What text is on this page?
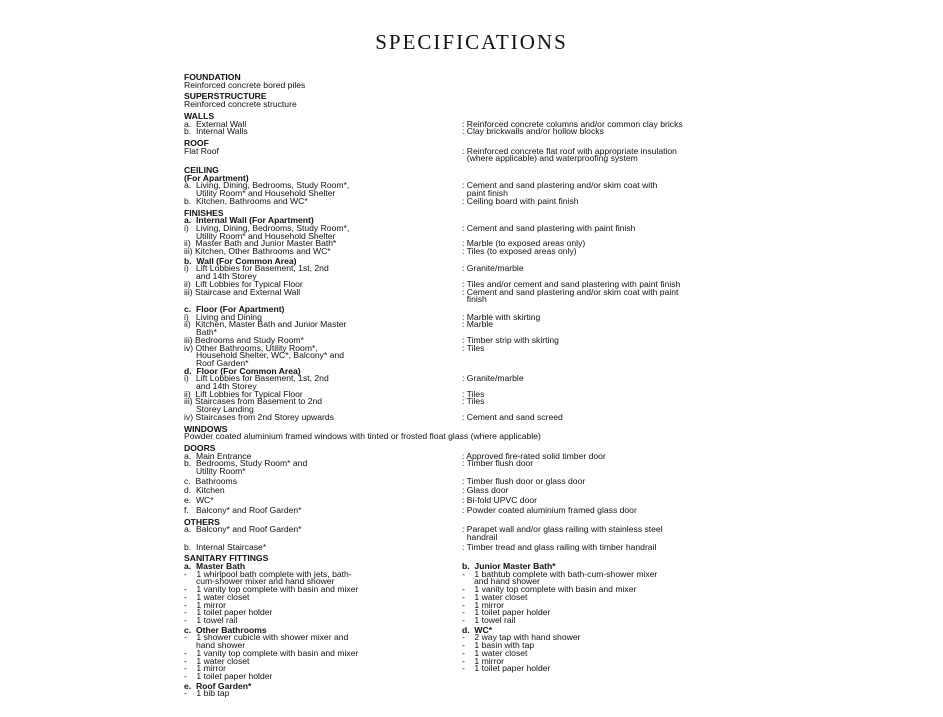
SPECIFICATIONS
FOUNDATION
Reinforced concrete bored piles
SUPERSTRUCTURE
Reinforced concrete structure
WALLS
a.  External Wall	: Reinforced concrete columns and/or common clay bricks
b.  Internal Walls	: Clay brickwalls and/or hollow blocks
ROOF
Flat Roof	: Reinforced concrete flat roof with appropriate insulation

(where applicable) and waterproofing system
CEILING
(For Apartment)
a.  Living, Dining, Bedrooms, Study Room*,	: Cement and sand plastering and/or skim coat with
Utility Room* and Household Shelter	paint finish
b.  Kitchen, Bathrooms and WC*	: Ceiling board with paint finish
FINISHES
a.  Internal Wall (For Apartment)
i)   Living, Dining, Bedrooms, Study Room*,	: Cement and sand plastering with paint finish
Utility Room* and Household Shelter
ii)  Master Bath and Junior Master Bath*	: Marble (to exposed areas only)
iii) Kitchen, Other Bathrooms and WC*	: Tiles (to exposed areas only)
b.  Wall (For Common Area)
i)   Lift Lobbies for Basement, 1st, 2nd	: Granite/marble
and 14th Storey
ii)  Lift Lobbies for Typical Floor	: Tiles and/or cement and sand plastering with paint finish
iii) Staircase and External Wall	: Cement and sand plastering and/or skim coat with paint

finish
c.  Floor (For Apartment)
i)   Living and Dining	: Marble with skirting
ii)  Kitchen, Master Bath and Junior Master	: Marble
Bath*
iii) Bedrooms and Study Room*	: Timber strip with skirting
iv) Other Bathrooms, Utility Room*,	: Tiles
Household Shelter, WC*, Balcony* and
Roof Garden*
d.  Floor (For Common Area)
i)   Lift Lobbies for Basement, 1st, 2nd	: Granite/marble
and 14th Storey
ii)  Lift Lobbies for Typical Floor	: Tiles
iii) Staircases from Basement to 2nd	: Tiles
Storey Landing
iv) Staircases from 2nd Storey upwards	: Cement and sand screed
WINDOWS
Powder coated aluminium framed windows with tinted or frosted float glass (where applicable)
DOORS
a.  Main Entrance	: Approved fire-rated solid timber door
b.  Bedrooms, Study Room* and	: Timber flush door
Utility Room*
c.  Bathrooms	: Timber flush door or glass door
d.  Kitchen	: Glass door
e.  WC*	: Bi-fold UPVC door
f.   Balcony* and Roof Garden*	: Powder coated aluminium framed glass door
OTHERS
a.  Balcony* and Roof Garden*	: Parapet wall and/or glass railing with stainless steel

handrail
b.  Internal Staircase*	: Timber tread and glass railing with timber handrail
SANITARY FITTINGS
a.  Master Bath
-    1 whirlpool bath complete with jets, bath-
cum-shower mixer and hand shower
-    1 vanity top complete with basin and mixer
-    1 water closet
-    1 mirror
-    1 toilet paper holder
-    1 towel rail
c.  Other Bathrooms
-    1 shower cubicle with shower mixer and
hand shower
-    1 vanity top complete with basin and mixer
-    1 water closet
-    1 mirror
-    1 toilet paper holder
e.  Roof Garden*
-    1 bib tap
b.  Junior Master Bath*
-    1 bathtub complete with bath-cum-shower mixer
and hand shower
-    1 vanity top complete with basin and mixer
-    1 water closet
-    1 mirror
-    1 toilet paper holder
-    1 towel rail
d.  WC*
-    2 way tap with hand shower
-    1 basin with tap
-    1 water closet
-    1 mirror
-    1 toilet paper holder
